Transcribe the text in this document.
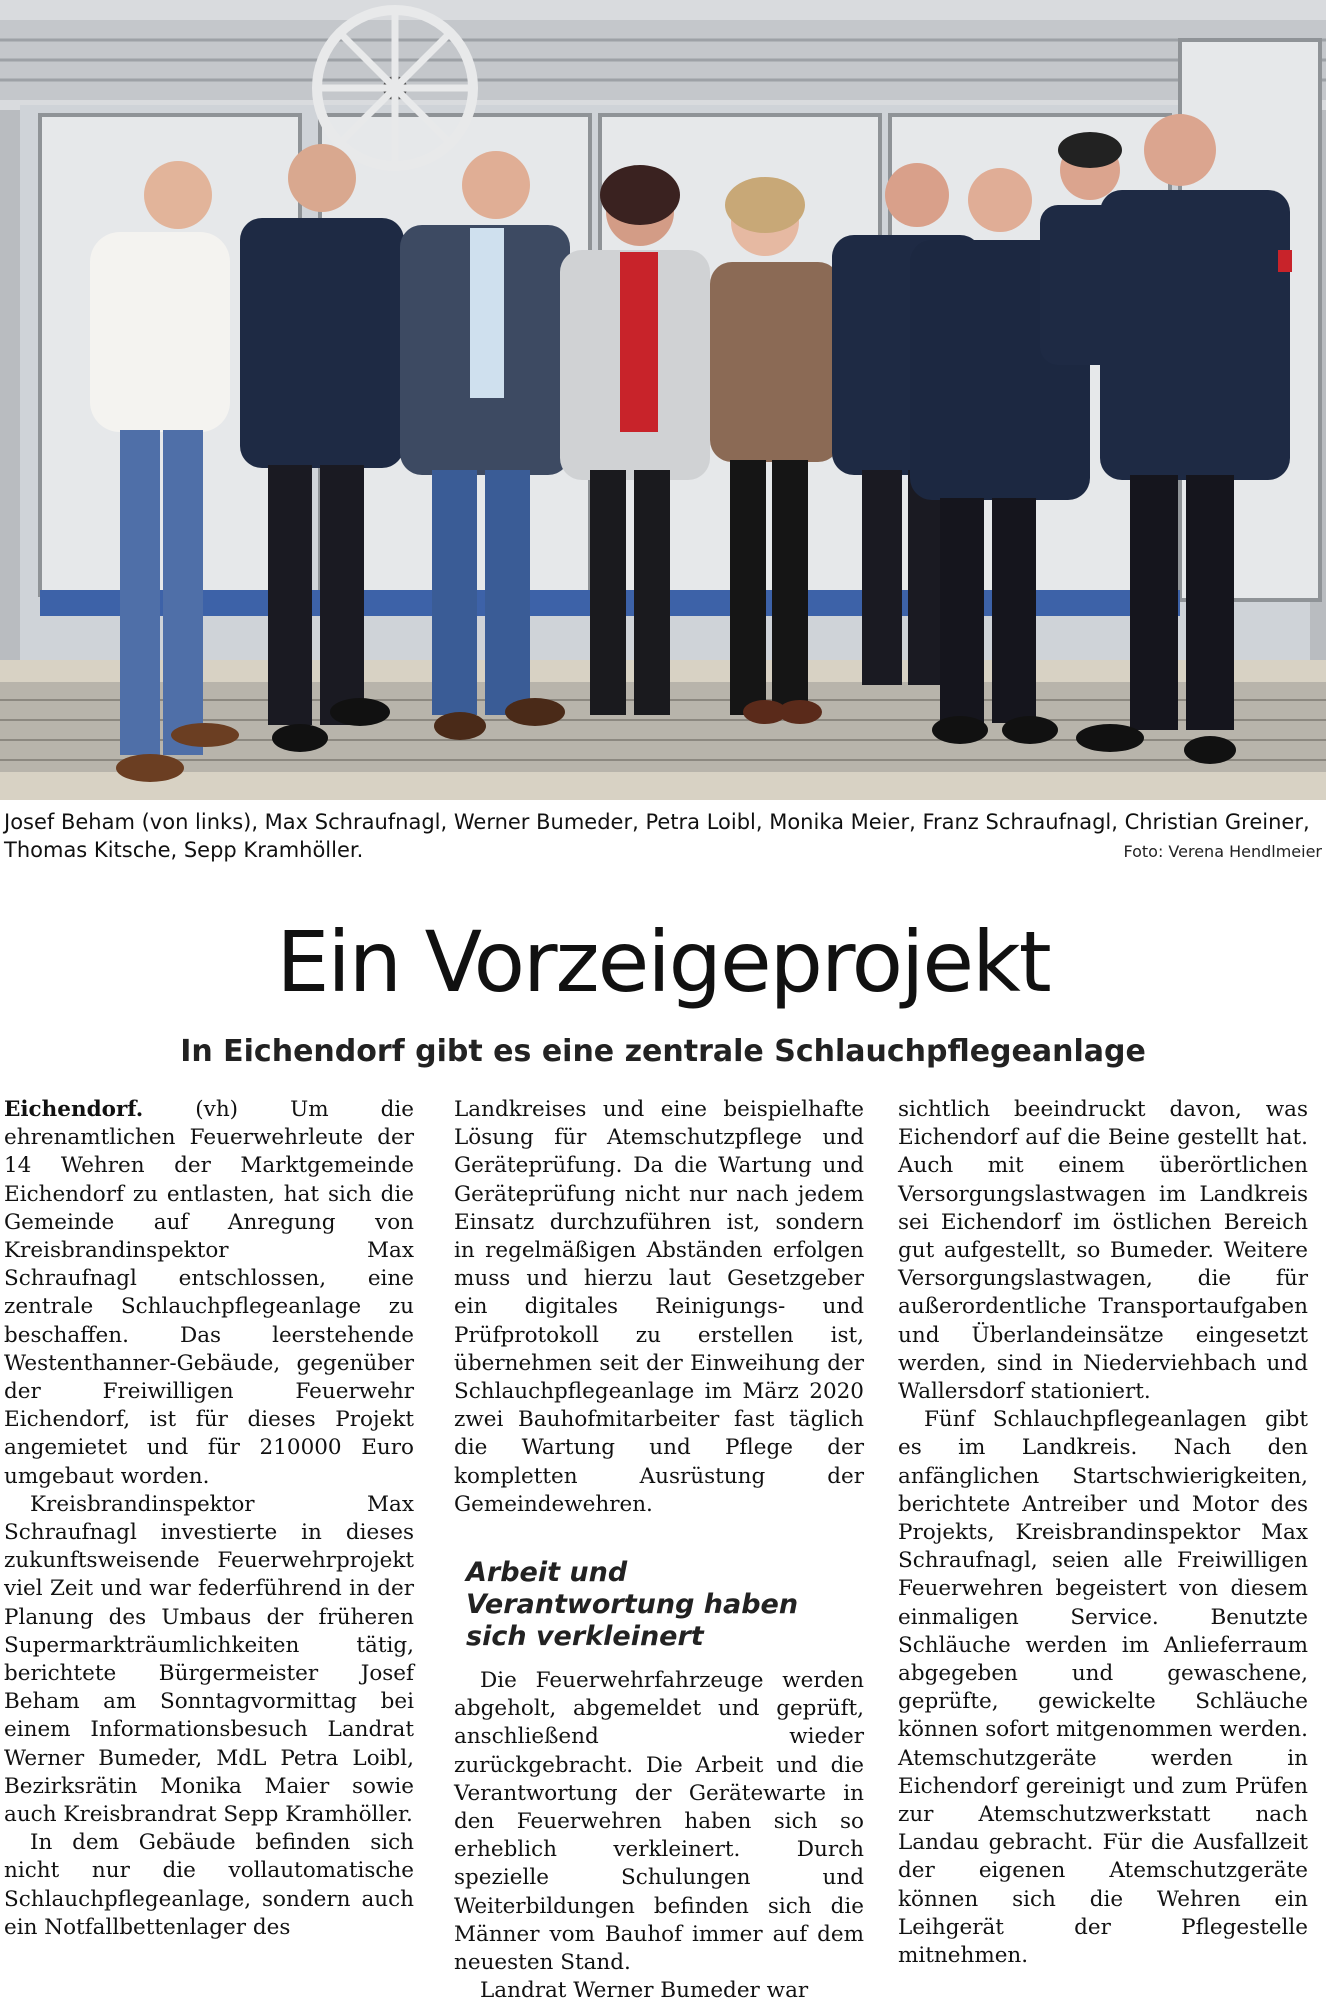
Josef Beham (von links), Max Schraufnagl, Werner Bumeder, Petra Loibl, Monika Meier, Franz Schraufnagl, Christian Greiner, Thomas Kitsche, Sepp Kramhöller.	Foto: Verena Hendlmeier
Ein Vorzeigeprojekt
In Eichendorf gibt es eine zentrale Schlauchpflegeanlage

Eichendorf. (vh) Um die ehrenamtlichen Feuerwehrleute der 14 Wehren der Marktgemeinde Eichendorf zu entlasten, hat sich die Gemeinde auf Anregung von Kreisbrandinspektor Max Schraufnagl entschlossen, eine zentrale Schlauchpflegeanlage zu beschaffen. Das leerstehende Westenthanner-Gebäude, gegenüber der Freiwilligen Feuerwehr Eichendorf, ist für dieses Projekt angemietet und für 210000 Euro umgebaut worden.

Kreisbrandinspektor Max Schraufnagl investierte in dieses zukunftsweisende Feuerwehrprojekt viel Zeit und war federführend in der Planung des Umbaus der früheren Supermarkträumlichkeiten tätig, berichtete Bürgermeister Josef Beham am Sonntagvormittag bei einem Informationsbesuch Landrat Werner Bumeder, MdL Petra Loibl, Bezirksrätin Monika Maier sowie auch Kreisbrandrat Sepp Kramhöller.

In dem Gebäude befinden sich nicht nur die vollautomatische Schlauchpflegeanlage, sondern auch ein Notfallbettenlager des

Landkreises und eine beispielhafte Lösung für Atemschutzpflege und Geräteprüfung. Da die Wartung und Geräteprüfung nicht nur nach jedem Einsatz durchzuführen ist, sondern in regelmäßigen Abständen erfolgen muss und hierzu laut Gesetzgeber ein digitales Reinigungs- und Prüfprotokoll zu erstellen ist, übernehmen seit der Einweihung der Schlauchpflegeanlage im März 2020 zwei Bauhofmitarbeiter fast täglich die Wartung und Pflege der kompletten Ausrüstung der Gemeindewehren.

Arbeit und Verantwortung haben sich verkleinert

Die Feuerwehrfahrzeuge werden abgeholt, abgemeldet und geprüft, anschließend wieder zurückgebracht. Die Arbeit und die Verantwortung der Gerätewarte in den Feuerwehren haben sich so erheblich verkleinert. Durch spezielle Schulungen und Weiterbildungen befinden sich die Männer vom Bauhof immer auf dem neuesten Stand.

Landrat Werner Bumeder war

sichtlich beeindruckt davon, was Eichendorf auf die Beine gestellt hat. Auch mit einem überörtlichen Versorgungslastwagen im Landkreis sei Eichendorf im östlichen Bereich gut aufgestellt, so Bumeder. Weitere Versorgungslastwagen, die für außerordentliche Transportaufgaben und Überlandeinsätze eingesetzt werden, sind in Niederviehbach und Wallersdorf stationiert.

Fünf Schlauchpflegeanlagen gibt es im Landkreis. Nach den anfänglichen Startschwierigkeiten, berichtete Antreiber und Motor des Projekts, Kreisbrandinspektor Max Schraufnagl, seien alle Freiwilligen Feuerwehren begeistert von diesem einmaligen Service. Benutzte Schläuche werden im Anlieferraum abgegeben und gewaschene, geprüfte, gewickelte Schläuche können sofort mitgenommen werden. Atemschutzgeräte werden in Eichendorf gereinigt und zum Prüfen zur Atemschutzwerkstatt nach Landau gebracht. Für die Ausfallzeit der eigenen Atemschutzgeräte können sich die Wehren ein Leihgerät der Pflegestelle mitnehmen.
